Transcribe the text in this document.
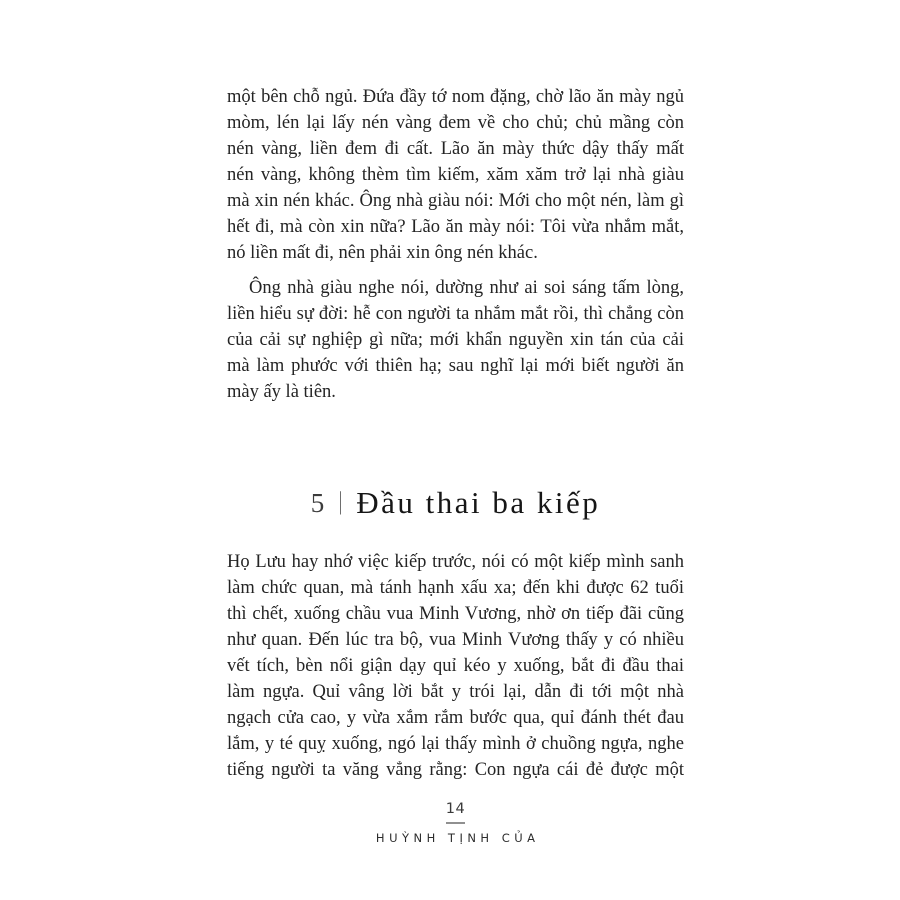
một bên chỗ ngủ. Đứa đầy tớ nom đặng, chờ lão ăn mày ngủ
mòm, lén lại lấy nén vàng đem về cho chủ; chủ mầng còn
nén vàng, liền đem đi cất. Lão ăn mày thức dậy thấy mất
nén vàng, không thèm tìm kiếm, xăm xăm trở lại nhà giàu
mà xin nén khác. Ông nhà giàu nói: Mới cho một nén, làm gì
hết đi, mà còn xin nữa? Lão ăn mày nói: Tôi vừa nhắm mắt,
nó liền mất đi, nên phải xin ông nén khác.
Ông nhà giàu nghe nói, dường như ai soi sáng tấm lòng,
liền hiểu sự đời: hễ con người ta nhắm mắt rồi, thì chẳng còn
của cải sự nghiệp gì nữa; mới khẩn nguyền xin tán của cải
mà làm phước với thiên hạ; sau nghĩ lại mới biết người ăn
mày ấy là tiên.
5 | Đầu thai ba kiếp
Họ Lưu hay nhớ việc kiếp trước, nói có một kiếp mình sanh
làm chức quan, mà tánh hạnh xấu xa; đến khi được 62 tuổi
thì chết, xuống chầu vua Minh Vương, nhờ ơn tiếp đãi cũng
như quan. Đến lúc tra bộ, vua Minh Vương thấy y có nhiều
vết tích, bèn nổi giận dạy quỉ kéo y xuống, bắt đi đầu thai
làm ngựa. Quỉ vâng lời bắt y trói lại, dẫn đi tới một nhà
ngạch cửa cao, y vừa xắm rắm bước qua, quỉ đánh thét đau
lắm, y té quỵ xuống, ngó lại thấy mình ở chuồng ngựa, nghe
tiếng người ta văng vẳng rằng: Con ngựa cái đẻ được một
14
HUỲNH TỊNH CỦA
